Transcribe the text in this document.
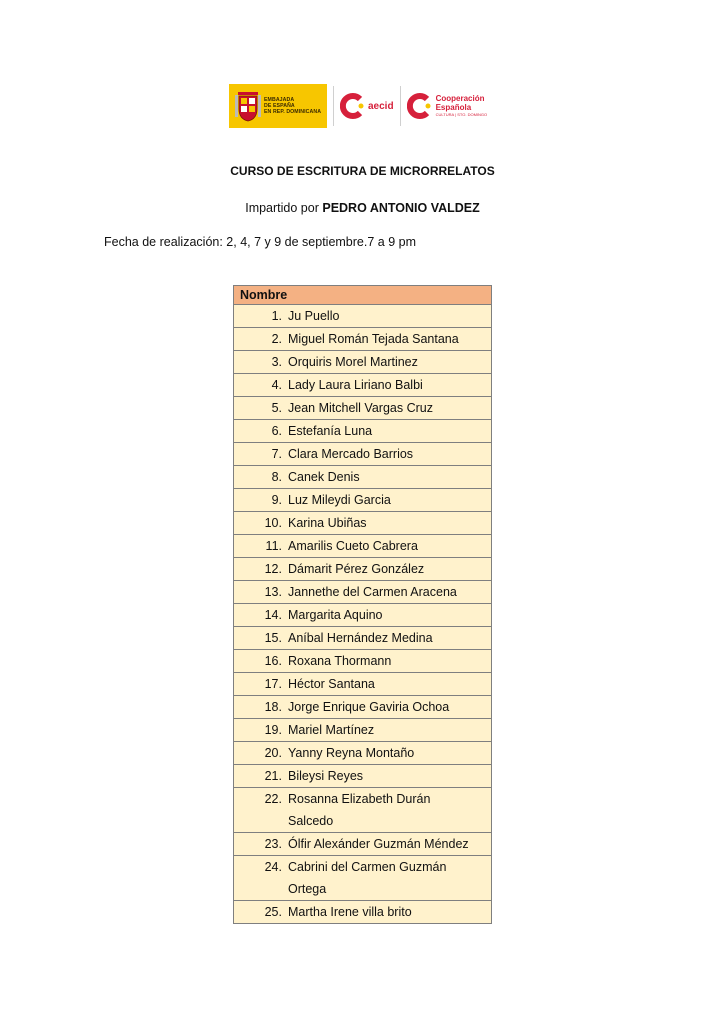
EMBAJADA
DE ESPAÑA
EN REP. DOMINICANA
aecid
Cooperación
Española
CULTURA | STO. DOMINGO
CURSO DE ESCRITURA DE MICRORRELATOS
Impartido por PEDRO ANTONIO VALDEZ
Fecha de realización: 2, 4, 7 y 9 de septiembre.7 a 9 pm
Nombre

1. Ju Puello

2. Miguel Román Tejada Santana

3. Orquiris Morel Martinez

4. Lady Laura Liriano Balbi

5. Jean Mitchell Vargas Cruz

6. Estefanía Luna

7. Clara Mercado Barrios

8. Canek Denis

9. Luz Mileydi Garcia

10. Karina Ubiñas

11. Amarilis Cueto Cabrera

12. Dámarit Pérez González

13. Jannethe del Carmen Aracena

14. Margarita Aquino

15. Aníbal Hernández Medina

16. Roxana Thormann

17. Héctor Santana

18. Jorge Enrique Gaviria Ochoa

19. Mariel Martínez

20. Yanny Reyna Montaño

21. Bileysi Reyes

22. Rosanna Elizabeth Durán
Salcedo

23. Ólfir Alexánder Guzmán Méndez

24. Cabrini del Carmen Guzmán
Ortega

25. Martha Irene villa brito
